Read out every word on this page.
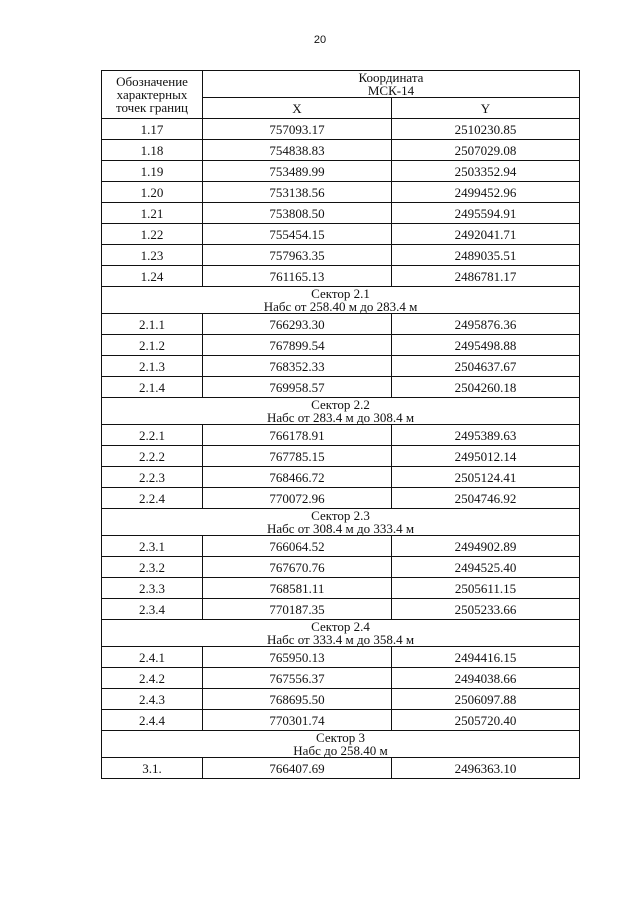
20
Обозначение
характерных
точек границ	Координата
МСК-14	
	X	Y
1.17	757093.17	2510230.85
1.18	754838.83	2507029.08
1.19	753489.99	2503352.94
1.20	753138.56	2499452.96
1.21	753808.50	2495594.91
1.22	755454.15	2492041.71
1.23	757963.35	2489035.51
1.24	761165.13	2486781.17
Сектор 2.1
Набс от 258.40 м до 283.4 м		
2.1.1	766293.30	2495876.36
2.1.2	767899.54	2495498.88
2.1.3	768352.33	2504637.67
2.1.4	769958.57	2504260.18
Сектор 2.2
Набс от 283.4 м до 308.4 м		
2.2.1	766178.91	2495389.63
2.2.2	767785.15	2495012.14
2.2.3	768466.72	2505124.41
2.2.4	770072.96	2504746.92
Сектор 2.3
Набс от 308.4 м до 333.4 м		
2.3.1	766064.52	2494902.89
2.3.2	767670.76	2494525.40
2.3.3	768581.11	2505611.15
2.3.4	770187.35	2505233.66
Сектор 2.4
Набс от 333.4 м до 358.4 м		
2.4.1	765950.13	2494416.15
2.4.2	767556.37	2494038.66
2.4.3	768695.50	2506097.88
2.4.4	770301.74	2505720.40
Сектор 3
Набс до 258.40 м		
3.1.	766407.69	2496363.10
